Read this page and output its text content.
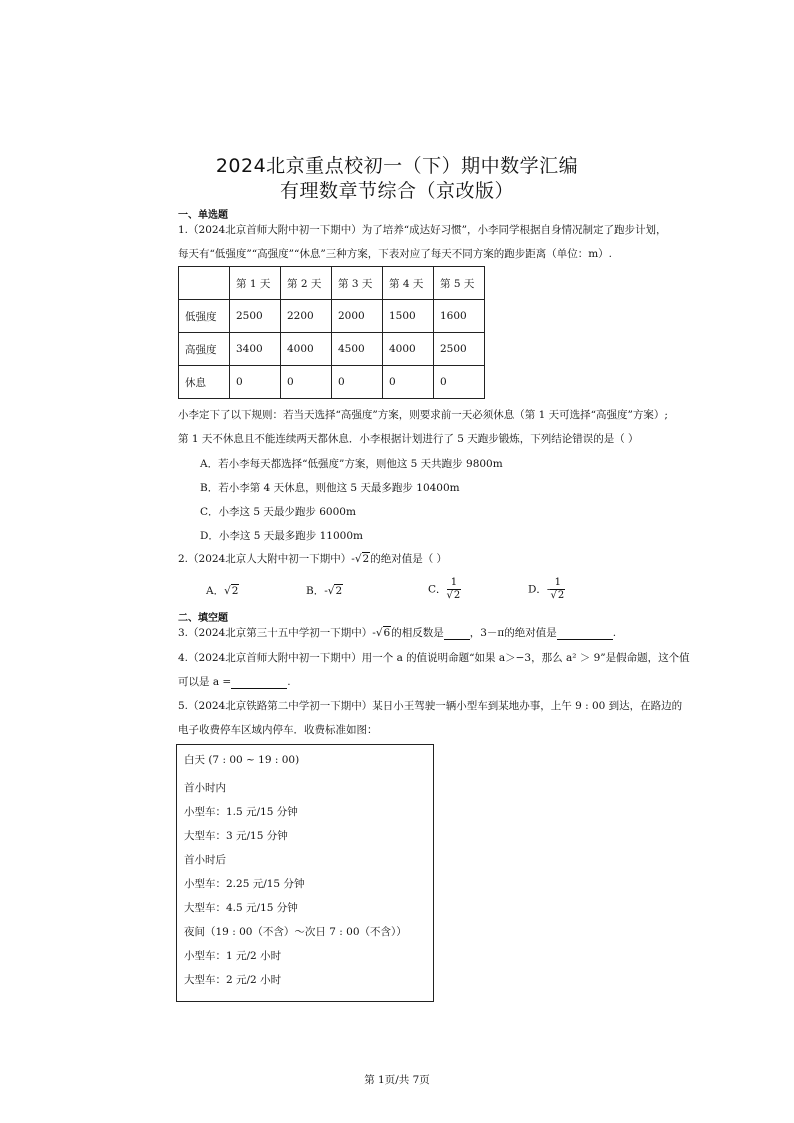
2024北京重点校初一（下）期中数学汇编
有理数章节综合（京改版）
一、单选题
1.（2024北京首师大附中初一下期中）为了培养“成达好习惯”，小李同学根据自身情况制定了跑步计划，
每天有“低强度”“高强度”“休息”三种方案，下表对应了每天不同方案的跑步距离（单位：m）.
	第 1 天	第 2 天	第 3 天	第 4 天	第 5 天
低强度	2500	2200	2000	1500	1600
高强度	3400	4000	4500	4000	2500
休息	0	0	0	0	0
小李定下了以下规则：若当天选择“高强度”方案，则要求前一天必须休息（第 1 天可选择“高强度”方案）;
第 1 天不休息且不能连续两天都休息．小李根据计划进行了 5 天跑步锻炼，下列结论错误的是（ ）
A．若小李每天都选择“低强度”方案，则他这 5 天共跑步 9800m
B．若小李第 4 天休息，则他这 5 天最多跑步 10400m
C．小李这 5 天最少跑步 6000m
D．小李这 5 天最多跑步 11000m
2.（2024北京人大附中初一下期中）-√2的绝对值是（ ）
A．√2	B．-√2	C． $\frac{1}{√2}$	D．- $\frac{1}{√2}$
二、填空题
3.（2024北京第三十五中学初一下期中）-√6的相反数是 ，3－π的绝对值是	.
4.（2024北京首师大附中初一下期中）用一个 a 的值说明命题“如果 a＞−3，那么 a² ＞ 9”是假命题，这个值
可以是 a =	.
5.（2024北京铁路第二中学初一下期中）某日小王驾驶一辆小型车到某地办事，上午 9 : 00 到达，在路边的
电子收费停车区域内停车．收费标准如图：
白天 (7 : 00 ~ 19 : 00)
首小时内
小型车：1.5 元/15 分钟
大型车：3 元/15 分钟
首小时后
小型车：2.25 元/15 分钟
大型车：4.5 元/15 分钟
夜间（19 : 00（不含）～次日 7 : 00（不含））
小型车：1 元/2 小时
大型车：2 元/2 小时
第 1页/共 7页
